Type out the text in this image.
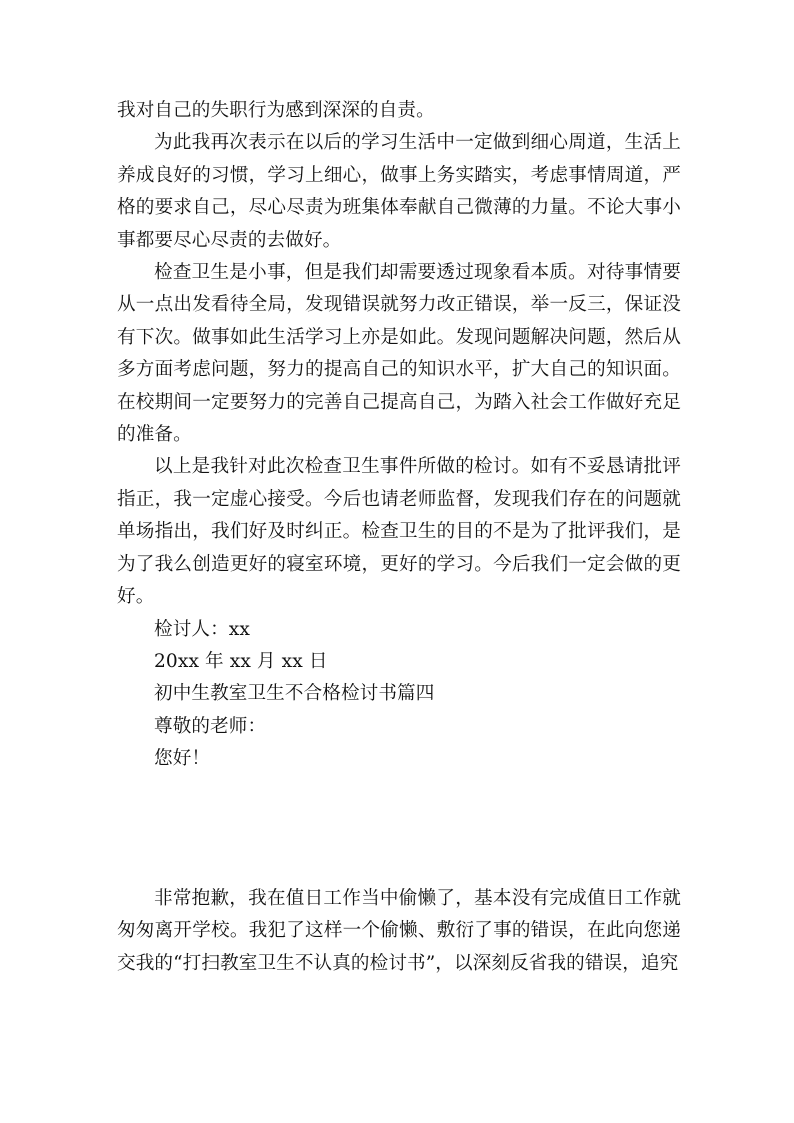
我对自己的失职行为感到深深的自责。

为此我再次表示在以后的学习生活中一定做到细心周道，生活上养成良好的习惯，学习上细心，做事上务实踏实，考虑事情周道，严格的要求自己，尽心尽责为班集体奉献自己微薄的力量。不论大事小事都要尽心尽责的去做好。

检查卫生是小事，但是我们却需要透过现象看本质。对待事情要从一点出发看待全局，发现错误就努力改正错误，举一反三，保证没有下次。做事如此生活学习上亦是如此。发现问题解决问题，然后从多方面考虑问题，努力的提高自己的知识水平，扩大自己的知识面。在校期间一定要努力的完善自己提高自己，为踏入社会工作做好充足的准备。

以上是我针对此次检查卫生事件所做的检讨。如有不妥恳请批评指正，我一定虚心接受。今后也请老师监督，发现我们存在的问题就单场指出，我们好及时纠正。检查卫生的目的不是为了批评我们，是为了我么创造更好的寝室环境，更好的学习。今后我们一定会做的更好。

检讨人：xx

20xx 年 xx 月 xx 日

初中生教室卫生不合格检讨书篇四

尊敬的老师：

您好！

非常抱歉，我在值日工作当中偷懒了，基本没有完成值日工作就匆匆离开学校。我犯了这样一个偷懒、敷衍了事的错误，在此向您递交我的“打扫教室卫生不认真的检讨书”，以深刻反省我的错误，追究
